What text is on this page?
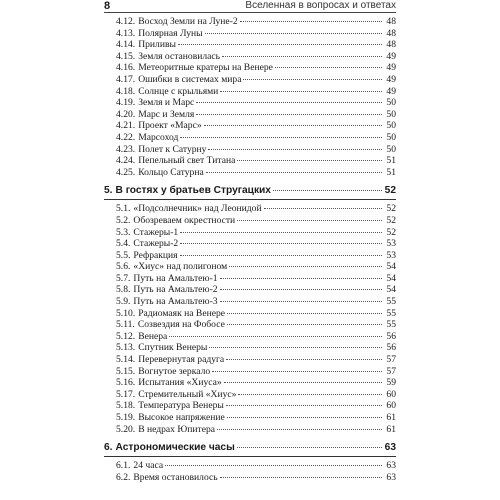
8	Вселенная в вопросах и ответах
4.12. Восход Земли на Луне-2	48
4.13. Полярная Луны	48
4.14. Приливы	48
4.15. Земля остановилась	49
4.16. Метеоритные кратеры на Венере	49
4.17. Ошибки в системах мира	49
4.18. Солнце с крыльями	49
4.19. Земля и Марс	50
4.20. Марс и Земля	50
4.21. Проект «Марс»	50
4.22. Марсоход	50
4.23. Полет к Сатурну	50
4.24. Пепельный свет Титана	51
4.25. Кольцо Сатурна	51
5. В гостях у братьев Стругацких	52
5.1. «Подсолнечник» над Леонидой	52
5.2. Обозреваем окрестности	52
5.3. Стажеры-1	52
5.4. Стажеры-2	53
5.5. Рефракция	53
5.6. «Хиус» над полигоном	54
5.7. Путь на Амальтею-1	54
5.8. Путь на Амальтею-2	54
5.9. Путь на Амальтею-3	55
5.10. Радиомаяк на Венере	55
5.11. Созвездия на Фобосе	55
5.12. Венера	56
5.13. Спутник Венеры	56
5.14. Перевернутая радуга	57
5.15. Вогнутое зеркало	57
5.16. Испытания «Хиуса»	59
5.17. Стремительный «Хиус»	60
5.18. Температура Венеры	60
5.19. Высокое напряжение	61
5.20. В недрах Юпитера	61
6. Астрономические часы	63
6.1. 24 часа	63
6.2. Время остановилось	63
